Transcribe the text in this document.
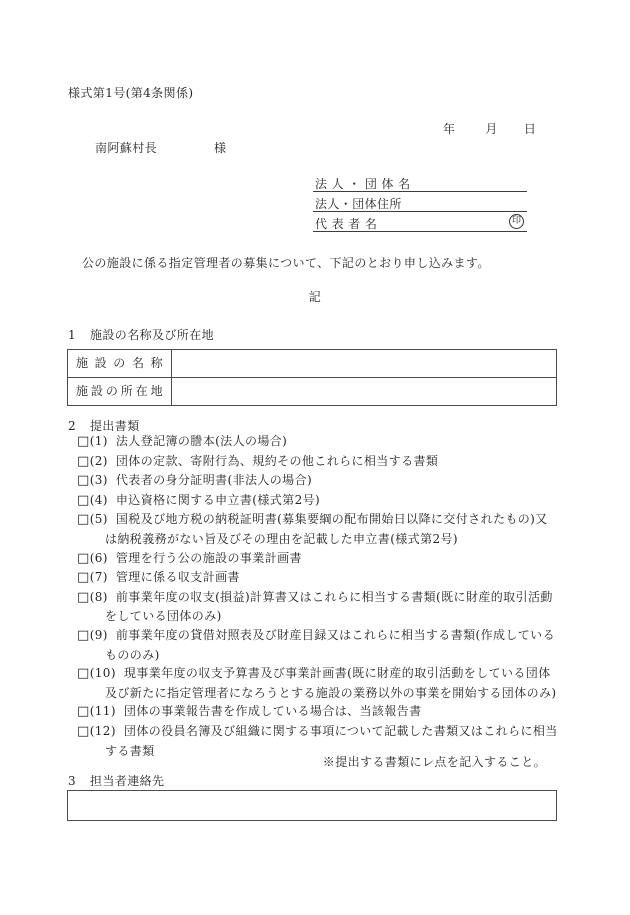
様式第1号(第4条関係)
年	月 日
南阿蘇村長	様
法 人 ・ 団 体 名
法人・団体住所
代 表 者 名	印
公の施設に係る指定管理者の募集について、下記のとおり申し込みます。
記
1 施設の名称及び所在地
施設の名称
施設の所在地
2 提出書類
□(1) 法人登記簿の謄本(法人の場合)
□(2) 団体の定款、寄附行為、規約その他これらに相当する書類
□(3) 代表者の身分証明書(非法人の場合)
□(4) 申込資格に関する申立書(様式第2号)
□(5) 国税及び地方税の納税証明書(募集要綱の配布開始日以降に交付されたもの)又は納税義務がない旨及びその理由を記載した申立書(様式第2号)
□(6) 管理を行う公の施設の事業計画書
□(7) 管理に係る収支計画書
□(8) 前事業年度の収支(損益)計算書又はこれらに相当する書類(既に財産的取引活動をしている団体のみ)
□(9) 前事業年度の貸借対照表及び財産目録又はこれらに相当する書類(作成しているもののみ)
□(10) 現事業年度の収支予算書及び事業計画書(既に財産的取引活動をしている団体及び新たに指定管理者になろうとする施設の業務以外の事業を開始する団体のみ)
□(11) 団体の事業報告書を作成している場合は、当該報告書
□(12) 団体の役員名簿及び組織に関する事項について記載した書類又はこれらに相当する書類
※提出する書類にレ点を記入すること。
3 担当者連絡先
